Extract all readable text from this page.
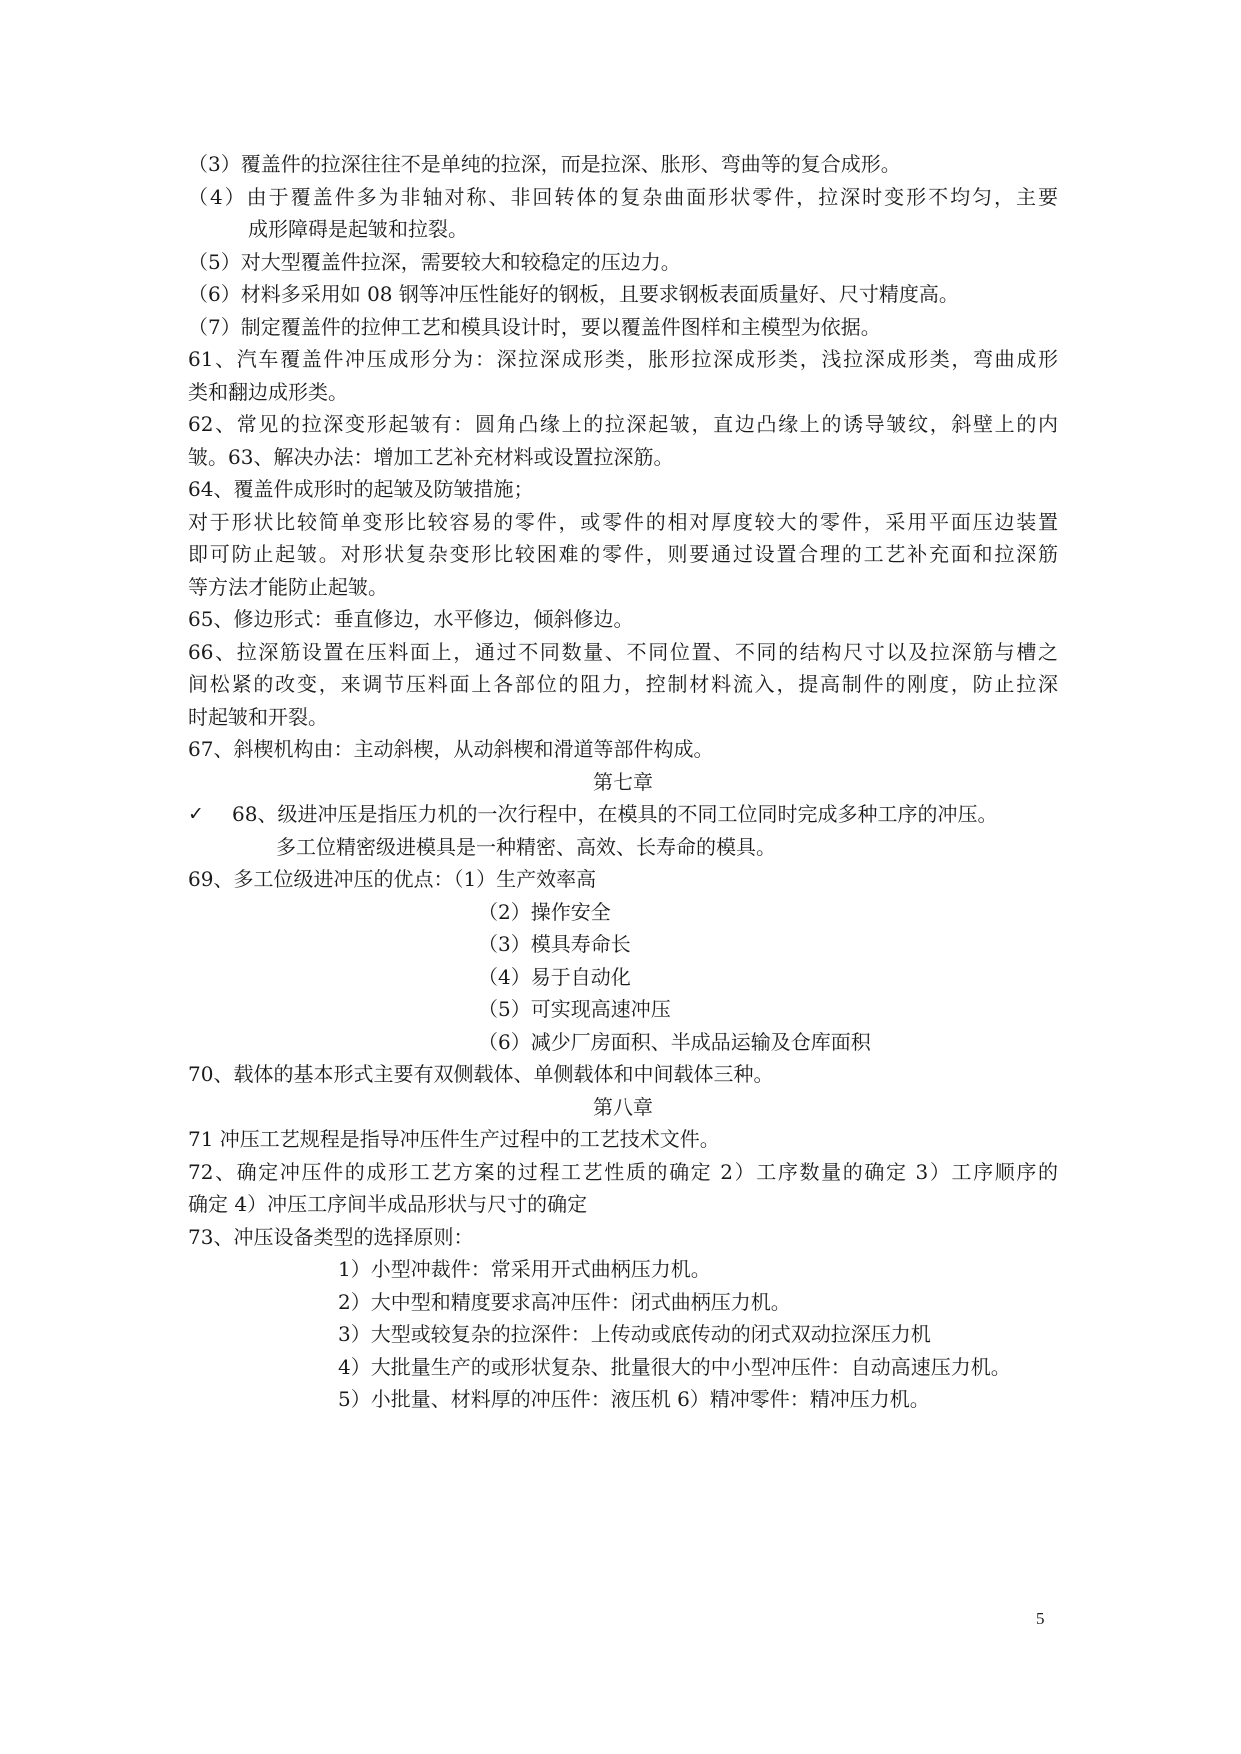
（3）覆盖件的拉深往往不是单纯的拉深，而是拉深、胀形、弯曲等的复合成形。
（4）由于覆盖件多为非轴对称、非回转体的复杂曲面形状零件，拉深时变形不均匀，主要
成形障碍是起皱和拉裂。
（5）对大型覆盖件拉深，需要较大和较稳定的压边力。
（6）材料多采用如 08 钢等冲压性能好的钢板，且要求钢板表面质量好、尺寸精度高。
（7）制定覆盖件的拉伸工艺和模具设计时，要以覆盖件图样和主模型为依据。
61、汽车覆盖件冲压成形分为：深拉深成形类，胀形拉深成形类，浅拉深成形类，弯曲成形
类和翻边成形类。
62、常见的拉深变形起皱有：圆角凸缘上的拉深起皱，直边凸缘上的诱导皱纹，斜壁上的内
皱。63、解决办法：增加工艺补充材料或设置拉深筋。
64、覆盖件成形时的起皱及防皱措施；
对于形状比较简单变形比较容易的零件，或零件的相对厚度较大的零件，采用平面压边装置
即可防止起皱。对形状复杂变形比较困难的零件，则要通过设置合理的工艺补充面和拉深筋
等方法才能防止起皱。
65、修边形式：垂直修边，水平修边，倾斜修边。
66、拉深筋设置在压料面上，通过不同数量、不同位置、不同的结构尺寸以及拉深筋与槽之
间松紧的改变，来调节压料面上各部位的阻力，控制材料流入，提高制件的刚度，防止拉深
时起皱和开裂。
67、斜楔机构由：主动斜楔，从动斜楔和滑道等部件构成。
第七章
✓	68、级进冲压是指压力机的一次行程中，在模具的不同工位同时完成多种工序的冲压。
多工位精密级进模具是一种精密、高效、长寿命的模具。
69、多工位级进冲压的优点：（1）生产效率高
（2）操作安全
（3）模具寿命长
（4）易于自动化
（5）可实现高速冲压
（6）减少厂房面积、半成品运输及仓库面积
70、载体的基本形式主要有双侧载体、单侧载体和中间载体三种。
第八章
71 冲压工艺规程是指导冲压件生产过程中的工艺技术文件。
72、确定冲压件的成形工艺方案的过程工艺性质的确定 2）工序数量的确定 3）工序顺序的
确定 4）冲压工序间半成品形状与尺寸的确定
73、冲压设备类型的选择原则：
1）小型冲裁件：常采用开式曲柄压力机。
2）大中型和精度要求高冲压件：闭式曲柄压力机。
3）大型或较复杂的拉深件：上传动或底传动的闭式双动拉深压力机
4）大批量生产的或形状复杂、批量很大的中小型冲压件：自动高速压力机。
5）小批量、材料厚的冲压件：液压机 6）精冲零件：精冲压力机。
5
